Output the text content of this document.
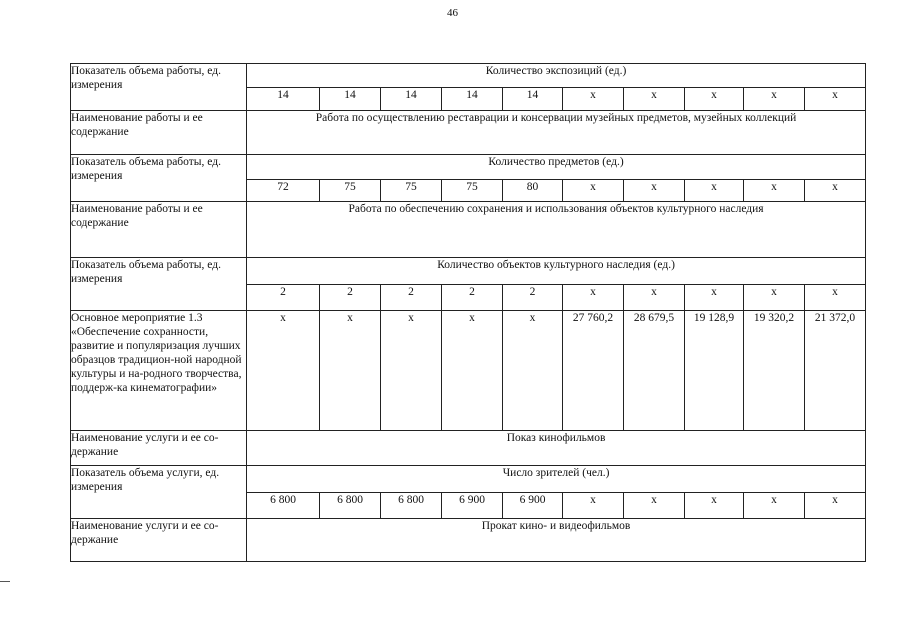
46
Показатель объема работы, ед. измерения	Количество экспозиций (ед.)									
	14	14	14	14	14	x	x	x	x	x
Наименование работы и ее содержание	Работа по осуществлению реставрации и консервации музейных предметов, музейных коллекций									
Показатель объема работы, ед. измерения	Количество предметов (ед.)									
	72	75	75	75	80	x	x	x	x	x
Наименование работы и ее содержание	Работа по обеспечению сохранения и использования объектов культурного наследия									
Показатель объема работы, ед. измерения	Количество объектов культурного наследия (ед.)									
	2	2	2	2	2	x	x	x	x	x
Основное мероприятие 1.3 «Обеспечение сохранности, развитие и популяризация лучших образцов традицион-ной народной культуры и на-родного творчества, поддерж-ка кинематографии»	x	x	x	x	x	27 760,2	28 679,5	19 128,9	19 320,2	21 372,0
Наименование услуги и ее со-держание	Показ кинофильмов									
Показатель объема услуги, ед. измерения	Число зрителей (чел.)									
	6 800	6 800	6 800	6 900	6 900	x	x	x	x	x
Наименование услуги и ее со-держание	Прокат кино- и видеофильмов									
